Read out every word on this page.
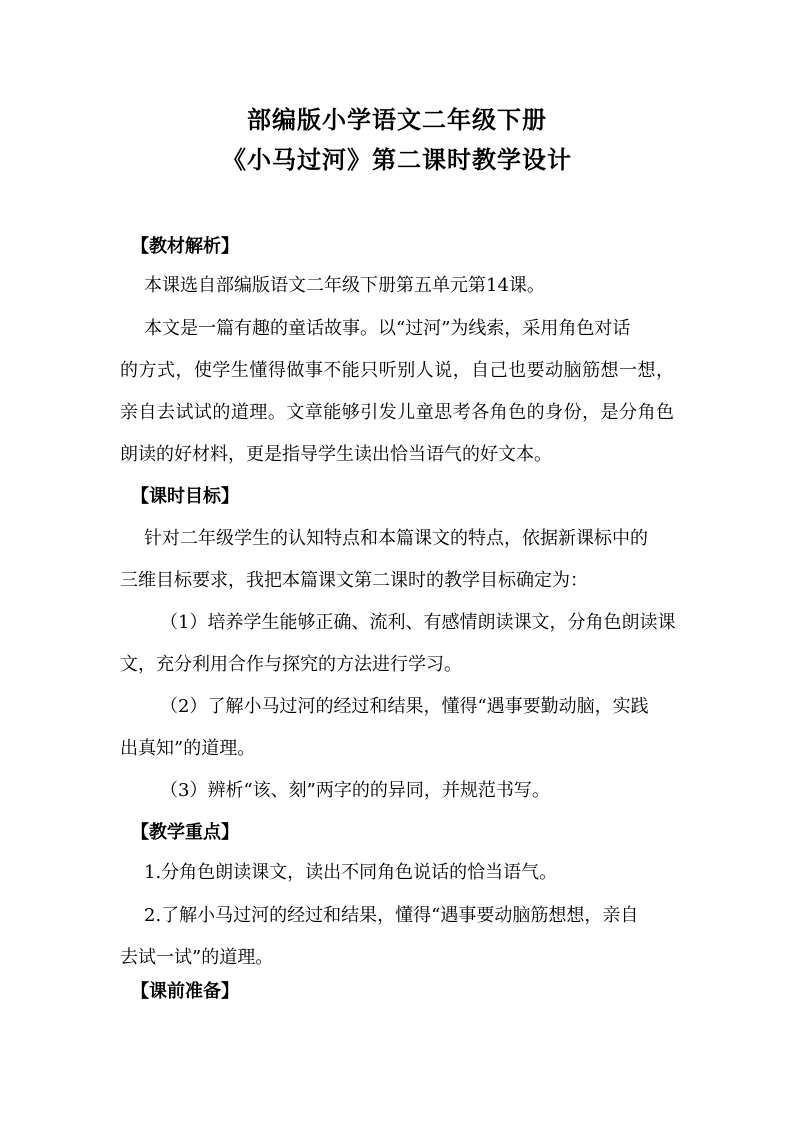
部编版小学语文二年级下册
《小马过河》第二课时教学设计
【教材解析】
本课选自部编版语文二年级下册第五单元第14课。
本文是一篇有趣的童话故事。以“过河”为线索，采用角色对话
的方式，使学生懂得做事不能只听别人说，自己也要动脑筋想一想，
亲自去试试的道理。文章能够引发儿童思考各角色的身份，是分角色
朗读的好材料，更是指导学生读出恰当语气的好文本。
【课时目标】
针对二年级学生的认知特点和本篇课文的特点，依据新课标中的
三维目标要求，我把本篇课文第二课时的教学目标确定为：
（1）培养学生能够正确、流利、有感情朗读课文，分角色朗读课
文，充分利用合作与探究的方法进行学习。
（2）了解小马过河的经过和结果，懂得“遇事要勤动脑，实践
出真知”的道理。
（3）辨析“该、刻”两字的的异同，并规范书写。
【教学重点】
1.分角色朗读课文，读出不同角色说话的恰当语气。
2.了解小马过河的经过和结果，懂得“遇事要动脑筋想想，亲自
去试一试”的道理。
【课前准备】
